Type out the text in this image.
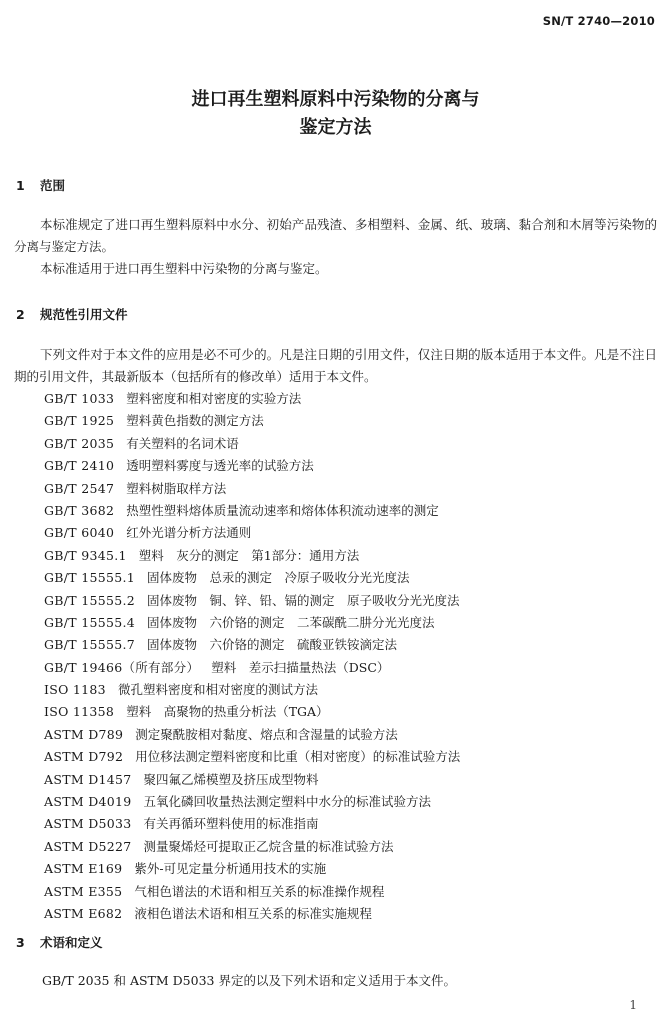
SN/T 2740—2010
进口再生塑料原料中污染物的分离与
鉴定方法
1 范围
本标准规定了进口再生塑料原料中水分、初始产品残渣、多相塑料、金属、纸、玻璃、黏合剂和木屑等污染物的分离与鉴定方法。
本标准适用于进口再生塑料中污染物的分离与鉴定。
2 规范性引用文件
下列文件对于本文件的应用是必不可少的。凡是注日期的引用文件，仅注日期的版本适用于本文件。凡是不注日期的引用文件，其最新版本（包括所有的修改单）适用于本文件。
GB/T 1033 塑料密度和相对密度的实验方法
GB/T 1925 塑料黄色指数的测定方法
GB/T 2035 有关塑料的名词术语
GB/T 2410 透明塑料雾度与透光率的试验方法
GB/T 2547 塑料树脂取样方法
GB/T 3682 热塑性塑料熔体质量流动速率和熔体体积流动速率的测定
GB/T 6040 红外光谱分析方法通则
GB/T 9345.1 塑料　灰分的测定　第1部分：通用方法
GB/T 15555.1 固体废物　总汞的测定　冷原子吸收分光光度法
GB/T 15555.2 固体废物　铜、锌、铅、镉的测定　原子吸收分光光度法
GB/T 15555.4 固体废物　六价铬的测定　二苯碳酰二肼分光光度法
GB/T 15555.7 固体废物　六价铬的测定　硫酸亚铁铵滴定法
GB/T 19466（所有部分） 塑料　差示扫描量热法（DSC）
ISO 1183 微孔塑料密度和相对密度的测试方法
ISO 11358 塑料　高聚物的热重分析法（TGA）
ASTM D789 测定聚酰胺相对黏度、熔点和含湿量的试验方法
ASTM D792 用位移法测定塑料密度和比重（相对密度）的标准试验方法
ASTM D1457 聚四氟乙烯模塑及挤压成型物料
ASTM D4019 五氧化磷回收量热法测定塑料中水分的标准试验方法
ASTM D5033 有关再循环塑料使用的标准指南
ASTM D5227 测量聚烯烃可提取正乙烷含量的标准试验方法
ASTM E169 紫外-可见定量分析通用技术的实施
ASTM E355 气相色谱法的术语和相互关系的标准操作规程
ASTM E682 液相色谱法术语和相互关系的标准实施规程
3 术语和定义
GB/T 2035 和 ASTM D5033 界定的以及下列术语和定义适用于本文件。
1
